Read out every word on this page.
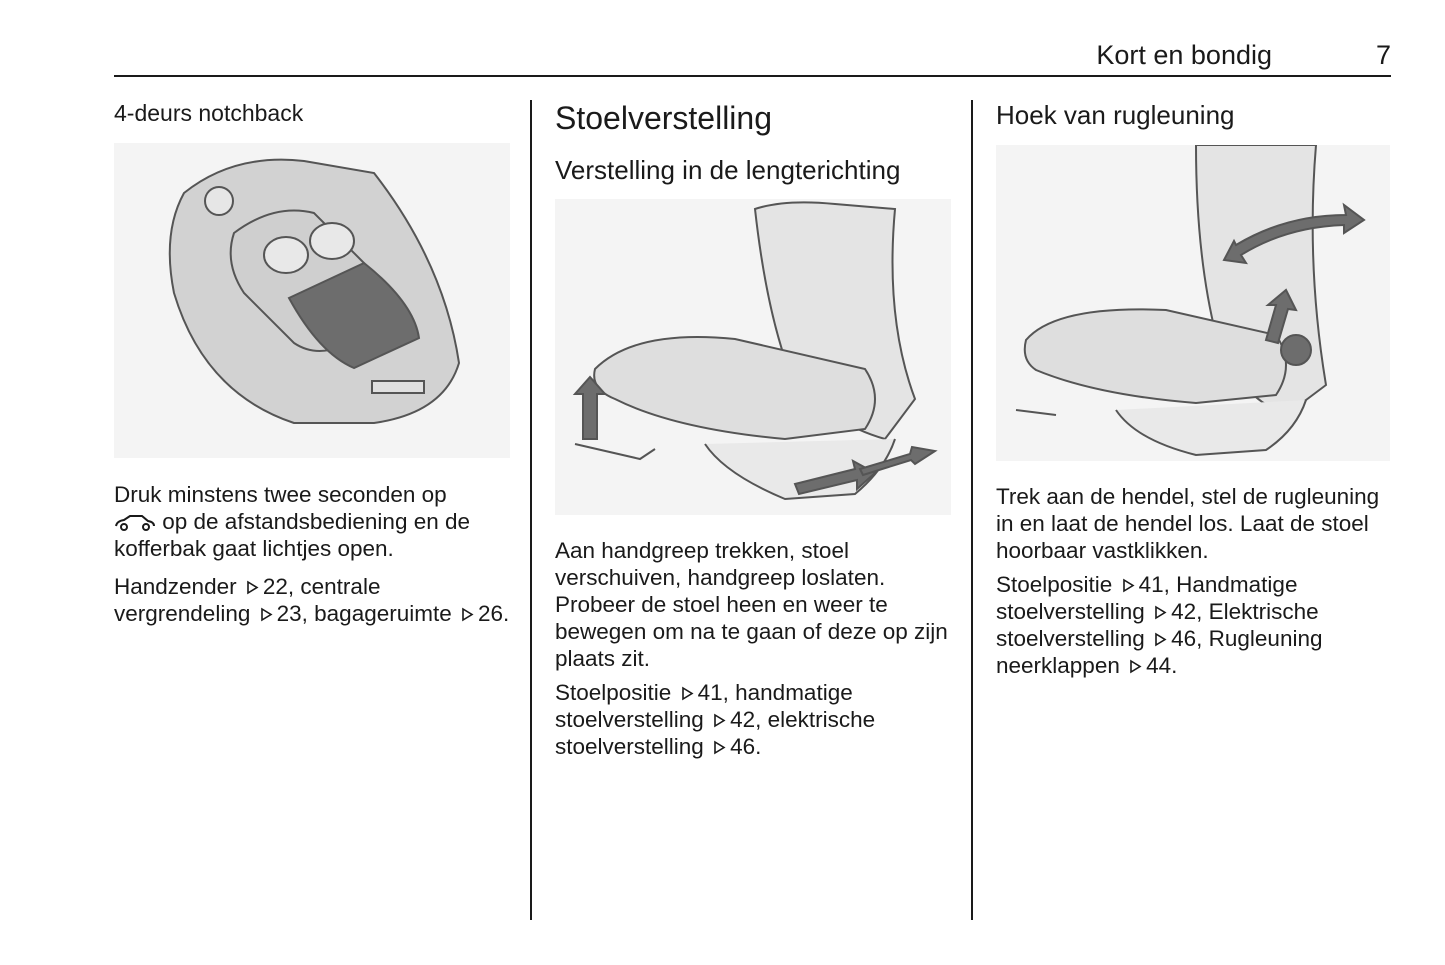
Kort en bondig	7
4-deurs notchback

Druk minstens twee seconden op
op de afstandsbediening en de kofferbak gaat lichtjes open.

Handzender 22, centrale vergrendeling 23, bagageruimte 26.

Stoelverstelling
Verstelling in de lengterichting

Aan handgreep trekken, stoel verschuiven, handgreep loslaten. Probeer de stoel heen en weer te bewegen om na te gaan of deze op zijn plaats zit.

Stoelpositie 41, handmatige stoelverstelling 42, elektrische stoelverstelling 46.

Hoek van rugleuning

Trek aan de hendel, stel de rugleuning in en laat de hendel los. Laat de stoel hoorbaar vastklikken.

Stoelpositie 41, Handmatige stoelverstelling 42, Elektrische stoelverstelling 46, Rugleuning neerklappen 44.
